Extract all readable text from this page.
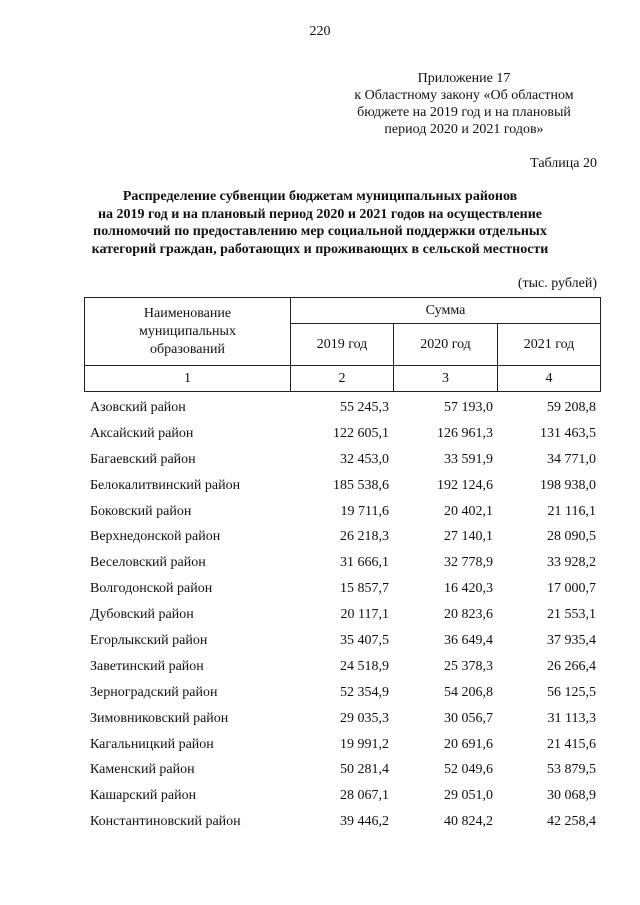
220
Приложение 17
к Областному закону «Об областном
бюджете на 2019 год и на плановый
период 2020 и 2021 годов»
Таблица 20
Распределение субвенции бюджетам муниципальных районов
на 2019 год и на плановый период 2020 и 2021 годов на осуществление
полномочий по предоставлению мер социальной поддержки отдельных
категорий граждан, работающих и проживающих в сельской местности
(тыс. рублей)
Наименование муниципальных образований	Сумма		
	2019 год	2020 год	2021 год
1	2	3	4
Азовский район	55 245,3	57 193,0	59 208,8
Аксайский район	122 605,1	126 961,3	131 463,5
Багаевский район	32 453,0	33 591,9	34 771,0
Белокалитвинский район	185 538,6	192 124,6	198 938,0
Боковский район	19 711,6	20 402,1	21 116,1
Верхнедонской район	26 218,3	27 140,1	28 090,5
Веселовский район	31 666,1	32 778,9	33 928,2
Волгодонской район	15 857,7	16 420,3	17 000,7
Дубовский район	20 117,1	20 823,6	21 553,1
Егорлыкский район	35 407,5	36 649,4	37 935,4
Заветинский район	24 518,9	25 378,3	26 266,4
Зерноградский район	52 354,9	54 206,8	56 125,5
Зимовниковский район	29 035,3	30 056,7	31 113,3
Кагальницкий район	19 991,2	20 691,6	21 415,6
Каменский район	50 281,4	52 049,6	53 879,5
Кашарский район	28 067,1	29 051,0	30 068,9
Константиновский район	39 446,2	40 824,2	42 258,4
